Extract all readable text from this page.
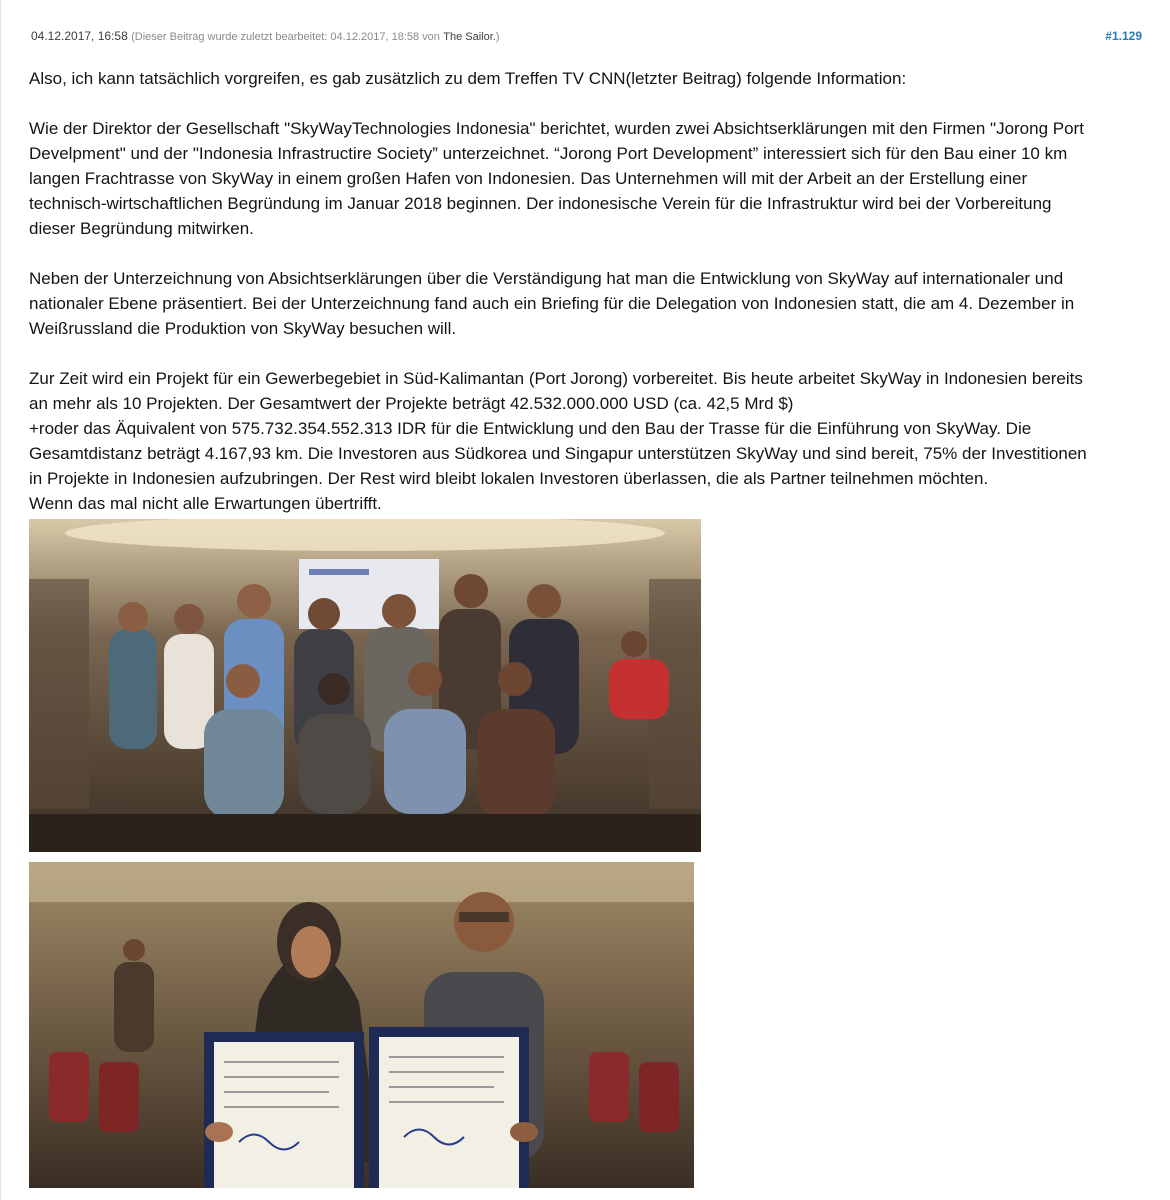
04.12.2017, 16:58 (Dieser Beitrag wurde zuletzt bearbeitet: 04.12.2017, 18:58 von The Sailor.)	#1.129

Also, ich kann tatsächlich vorgreifen, es gab zusätzlich zu dem Treffen TV CNN(letzter Beitrag) folgende Information:

Wie der Direktor der Gesellschaft "SkyWayTechnologies Indonesia" berichtet, wurden zwei Absichtserklärungen mit den Firmen "Jorong Port

Develpment" und der "Indonesia Infrastructire Society” unterzeichnet. “Jorong Port Development” interessiert sich für den Bau einer 10 km

langen Frachtrasse von SkyWay in einem großen Hafen von Indonesien. Das Unternehmen will mit der Arbeit an der Erstellung einer

technisch-wirtschaftlichen Begründung im Januar 2018 beginnen. Der indonesische Verein für die Infrastruktur wird bei der Vorbereitung

dieser Begründung mitwirken.

Neben der Unterzeichnung von Absichtserklärungen über die Verständigung hat man die Entwicklung von SkyWay auf internationaler und

nationaler Ebene präsentiert. Bei der Unterzeichnung fand auch ein Briefing für die Delegation von Indonesien statt, die am 4. Dezember in

Weißrussland die Produktion von SkyWay besuchen will.

Zur Zeit wird ein Projekt für ein Gewerbegebiet in Süd-Kalimantan (Port Jorong) vorbereitet. Bis heute arbeitet SkyWay in Indonesien bereits

an mehr als 10 Projekten. Der Gesamtwert der Projekte beträgt 42.532.000.000 USD (ca. 42,5 Mrd $)

+roder das Äquivalent von 575.732.354.552.313 IDR für die Entwicklung und den Bau der Trasse für die Einführung von SkyWay. Die

Gesamtdistanz beträgt 4.167,93 km. Die Investoren aus Südkorea und Singapur unterstützen SkyWay und sind bereit, 75% der Investitionen

in Projekte in Indonesien aufzubringen. Der Rest wird bleibt lokalen Investoren überlassen, die als Partner teilnehmen möchten.

Wenn das mal nicht alle Erwartungen übertrifft.
